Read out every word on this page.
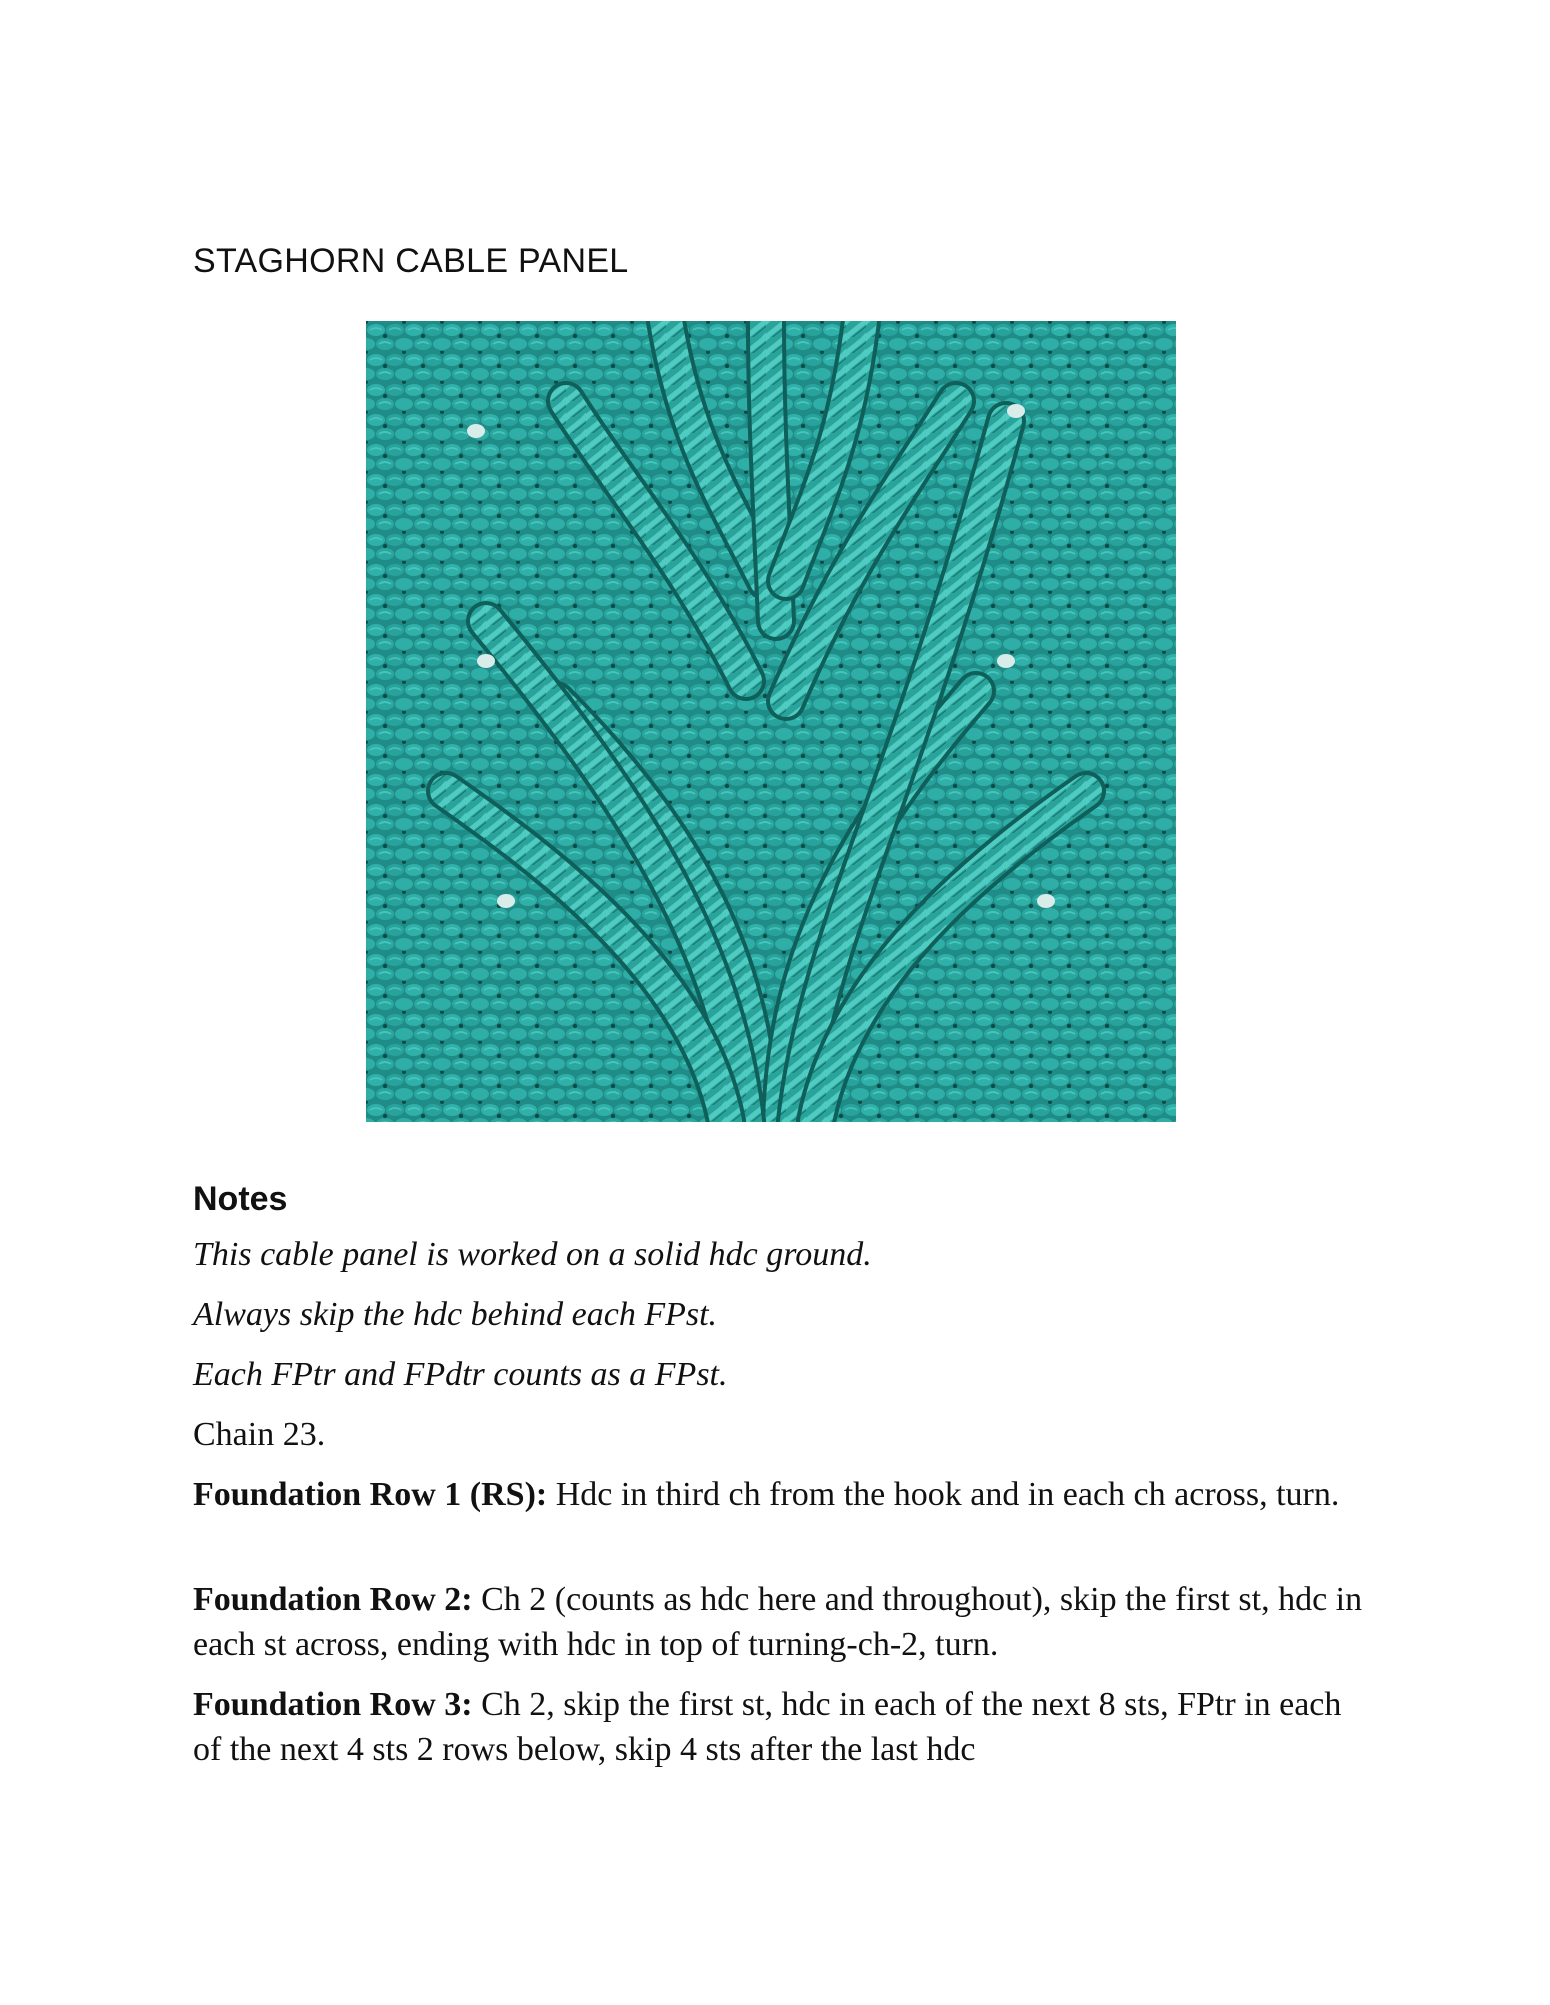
STAGHORN CABLE PANEL
Notes

This cable panel is worked on a solid hdc ground.

Always skip the hdc behind each FPst.

Each FPtr and FPdtr counts as a FPst.

Chain 23.

Foundation Row 1 (RS): Hdc in third ch from the hook and in each ch across, turn.

Foundation Row 2: Ch 2 (counts as hdc here and throughout), skip the first st, hdc in each st across, ending with hdc in top of turning-ch-2, turn.

Foundation Row 3: Ch 2, skip the first st, hdc in each of the next 8 sts, FPtr in each of the next 4 sts 2 rows below, skip 4 sts after the last hdc
